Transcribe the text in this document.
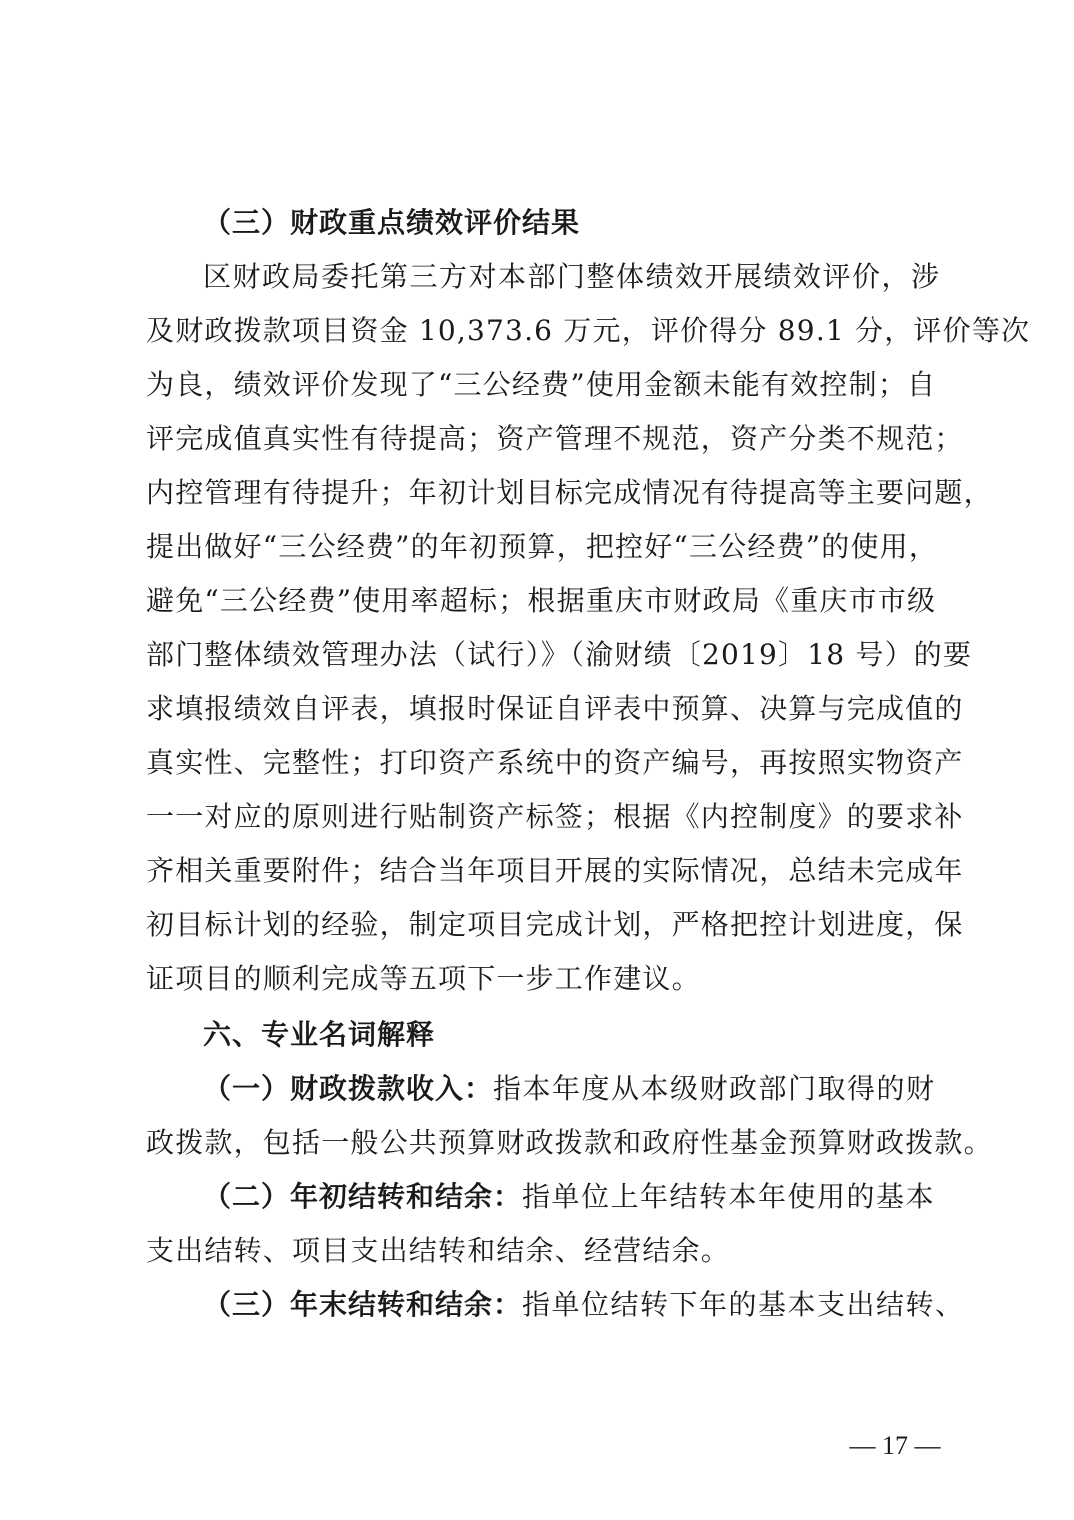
（三）财政重点绩效评价结果
区财政局委托第三方对本部门整体绩效开展绩效评价，涉
及财政拨款项目资金 10,373.6 万元，评价得分 89.1 分，评价等次
为良，绩效评价发现了“三公经费”使用金额未能有效控制；自
评完成值真实性有待提高；资产管理不规范，资产分类不规范；
内控管理有待提升；年初计划目标完成情况有待提高等主要问题，
提出做好“三公经费”的年初预算，把控好“三公经费”的使用，
避免“三公经费”使用率超标；根据重庆市财政局《重庆市市级
部门整体绩效管理办法（试行）》（渝财绩〔2019〕18 号）的要
求填报绩效自评表，填报时保证自评表中预算、决算与完成值的
真实性、完整性；打印资产系统中的资产编号，再按照实物资产
一一对应的原则进行贴制资产标签；根据《内控制度》的要求补
齐相关重要附件；结合当年项目开展的实际情况，总结未完成年
初目标计划的经验，制定项目完成计划，严格把控计划进度，保
证项目的顺利完成等五项下一步工作建议。
六、专业名词解释
（一）财政拨款收入：指本年度从本级财政部门取得的财
政拨款，包括一般公共预算财政拨款和政府性基金预算财政拨款。
（二）年初结转和结余：指单位上年结转本年使用的基本
支出结转、项目支出结转和结余、经营结余。
（三）年末结转和结余：指单位结转下年的基本支出结转、
— 17 —
